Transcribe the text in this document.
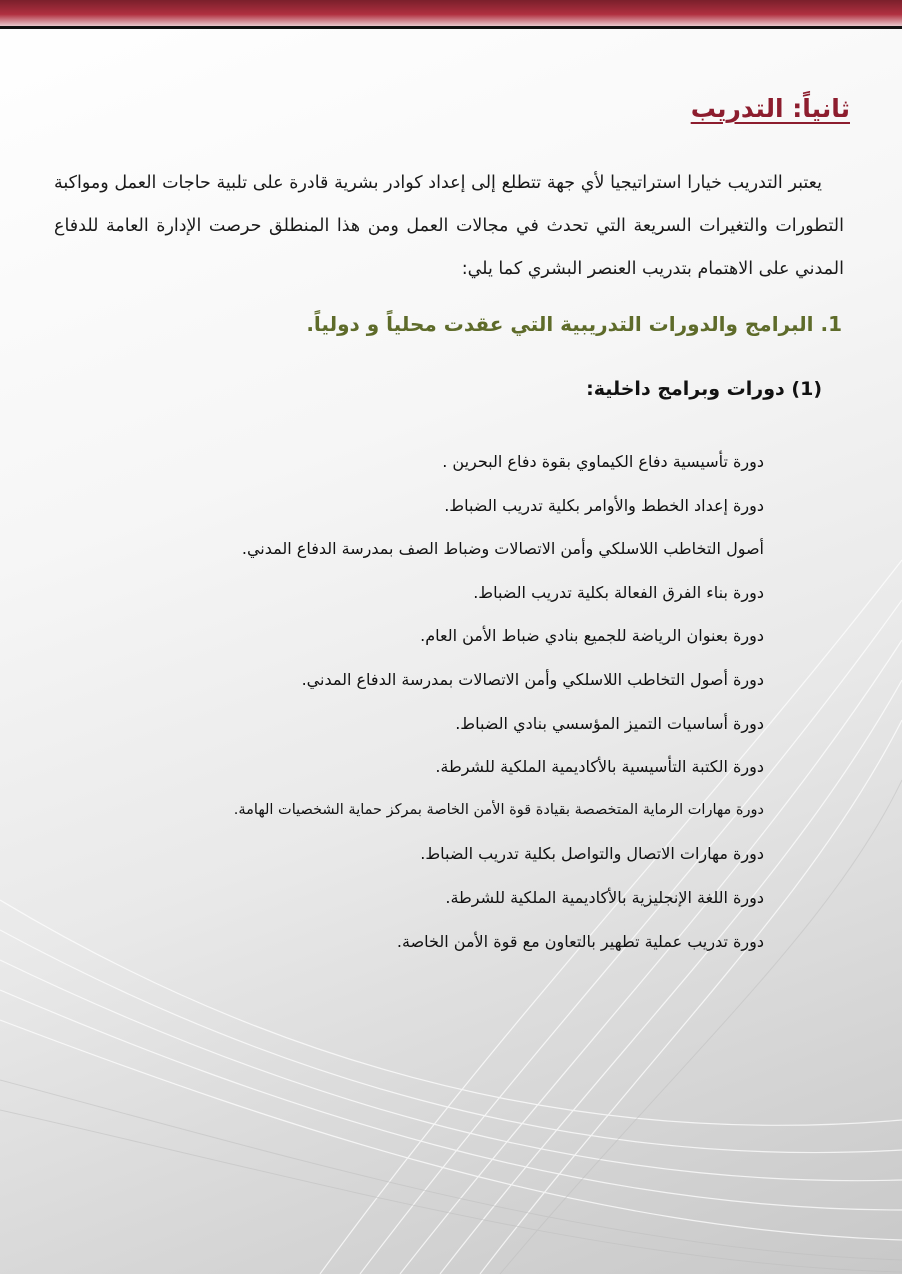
ثانياً: التدريب

يعتبر التدريب خيارا استراتيجيا لأي جهة تتطلع إلى إعداد كوادر بشرية قادرة على تلبية حاجات العمل ومواكبة التطورات والتغيرات السريعة التي تحدث في مجالات العمل ومن هذا المنطلق حرصت الإدارة العامة للدفاع المدني على الاهتمام بتدريب العنصر البشري كما يلي:

1. البرامج والدورات التدريبية التي عقدت محلياً و دولياً.
(1) دورات وبرامج داخلية:
دورة تأسيسية دفاع الكيماوي بقوة دفاع البحرين .
دورة إعداد الخطط والأوامر بكلية تدريب الضباط.
أصول التخاطب اللاسلكي وأمن الاتصالات وضباط الصف بمدرسة الدفاع المدني.
دورة بناء الفرق الفعالة بكلية تدريب الضباط.
دورة بعنوان الرياضة للجميع بنادي ضباط الأمن العام.
دورة أصول التخاطب اللاسلكي وأمن الاتصالات بمدرسة الدفاع المدني.
دورة أساسيات التميز المؤسسي بنادي الضباط.
دورة الكتبة التأسيسية بالأكاديمية الملكية للشرطة.
دورة مهارات الرماية المتخصصة بقيادة قوة الأمن الخاصة بمركز حماية الشخصيات الهامة.
دورة مهارات الاتصال والتواصل بكلية تدريب الضباط.
دورة اللغة الإنجليزية بالأكاديمية الملكية للشرطة.
دورة تدريب عملية تطهير بالتعاون مع قوة الأمن الخاصة.
